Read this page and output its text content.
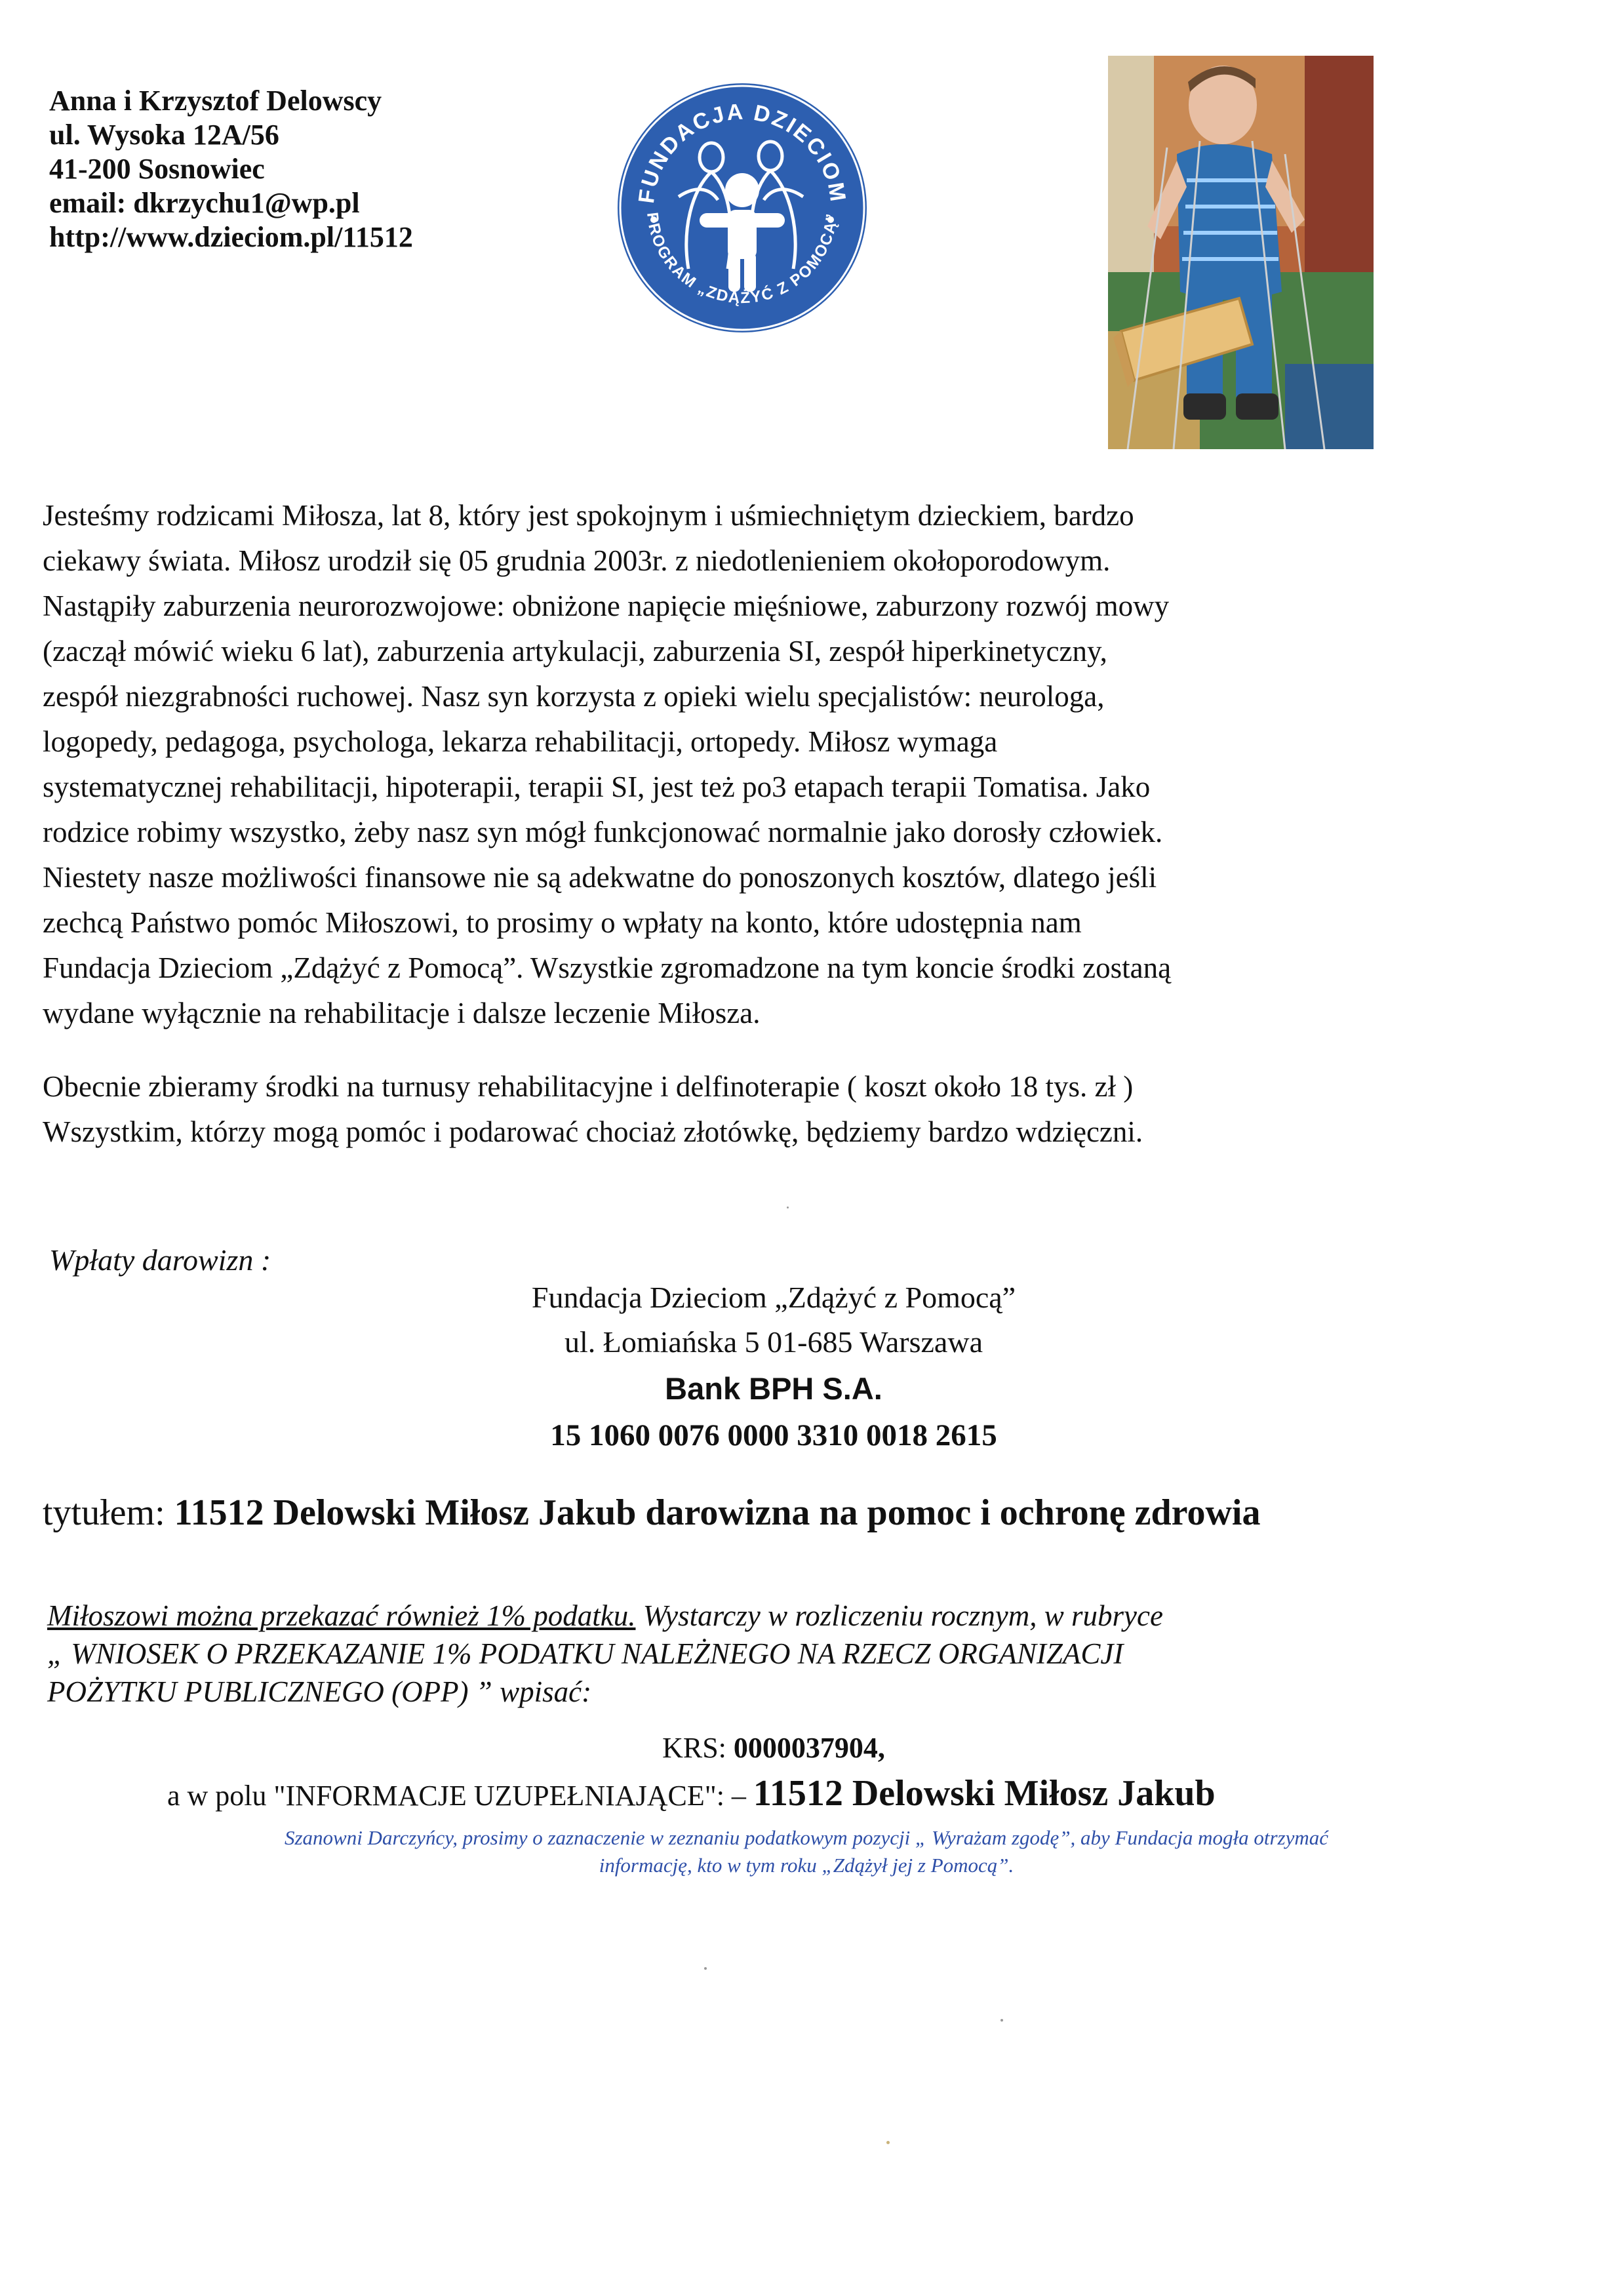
Anna i Krzysztof Delowscy
ul. Wysoka 12A/56
41-200 Sosnowiec
email: dkrzychu1@wp.pl
http://www.dzieciom.pl/11512
FUNDACJA DZIECIOM
PROGRAM „ZDĄŻYĆ Z POMOCĄ”
Jesteśmy rodzicami Miłosza, lat 8, który jest spokojnym i uśmiechniętym dzieckiem, bardzo
ciekawy świata. Miłosz urodził się 05 grudnia 2003r. z niedotlenieniem okołoporodowym.
Nastąpiły zaburzenia neurorozwojowe: obniżone napięcie mięśniowe, zaburzony rozwój mowy
(zaczął mówić wieku 6 lat), zaburzenia artykulacji, zaburzenia SI, zespół hiperkinetyczny,
zespół niezgrabności ruchowej. Nasz syn korzysta z opieki wielu specjalistów: neurologa,
logopedy, pedagoga, psychologa, lekarza rehabilitacji, ortopedy. Miłosz wymaga
systematycznej rehabilitacji, hipoterapii, terapii SI, jest też po3 etapach terapii Tomatisa. Jako
rodzice robimy wszystko, żeby nasz syn mógł funkcjonować normalnie jako dorosły człowiek.
Niestety nasze możliwości finansowe nie są adekwatne do ponoszonych kosztów, dlatego jeśli
zechcą Państwo pomóc Miłoszowi, to prosimy o wpłaty na konto, które udostępnia nam
Fundacja Dzieciom „Zdążyć z Pomocą”. Wszystkie zgromadzone na tym koncie środki zostaną
wydane wyłącznie na rehabilitacje i dalsze leczenie Miłosza.
Obecnie zbieramy środki na turnusy rehabilitacyjne i delfinoterapie ( koszt około 18 tys. zł )
Wszystkim, którzy mogą pomóc i podarować chociaż złotówkę, będziemy bardzo wdzięczni.
Wpłaty darowizn :
Fundacja Dzieciom „Zdążyć z Pomocą”
ul. Łomiańska 5 01-685 Warszawa
Bank BPH S.A.
15 1060 0076 0000 3310 0018 2615
tytułem: 11512 Delowski Miłosz Jakub darowizna na pomoc i ochronę zdrowia
Miłoszowi można przekazać również 1% podatku. Wystarczy w rozliczeniu rocznym, w rubryce
„ WNIOSEK O PRZEKAZANIE 1% PODATKU NALEŻNEGO NA RZECZ ORGANIZACJI
POŻYTKU PUBLICZNEGO (OPP) ” wpisać:
KRS: 0000037904,
a w polu "INFORMACJE UZUPEŁNIAJĄCE": – 11512 Delowski Miłosz Jakub
Szanowni Darczyńcy, prosimy o zaznaczenie w zeznaniu podatkowym pozycji „ Wyrażam zgodę”, aby Fundacja mogła otrzymać
informację, kto w tym roku „Zdążył jej z Pomocą”.
